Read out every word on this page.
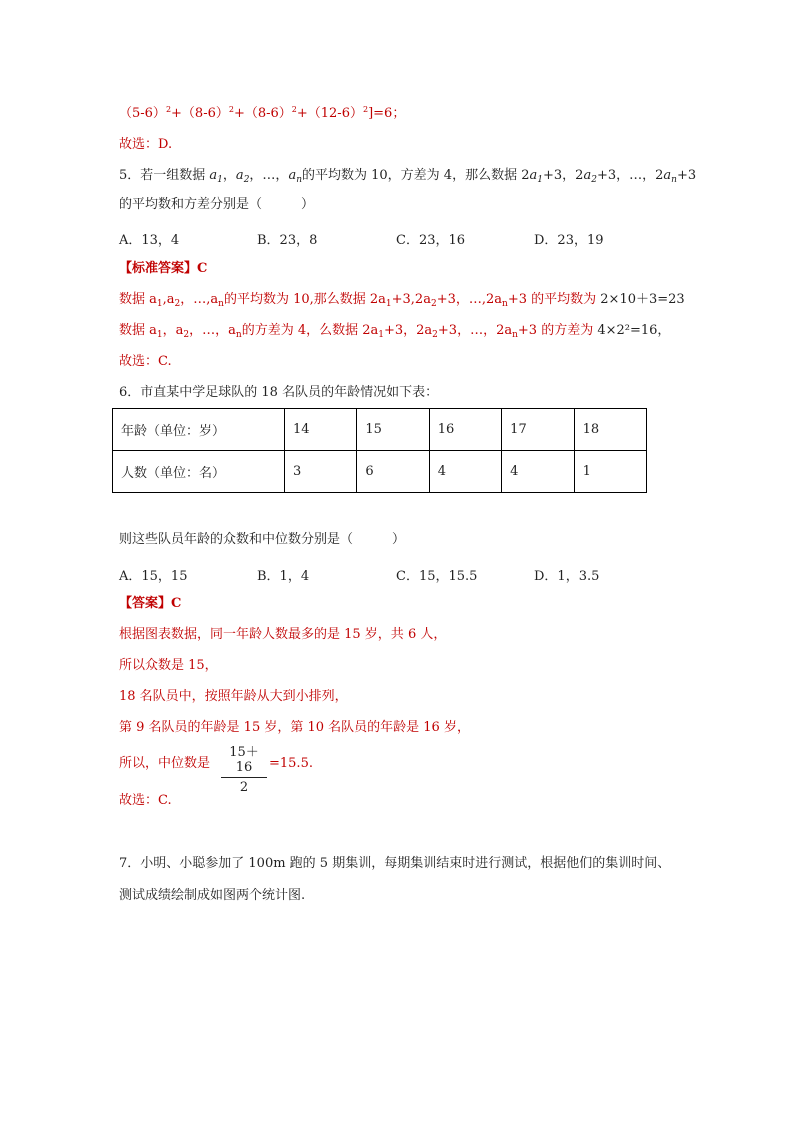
$(5-6)^2+(8-6)^2+(8-6)^2+(12-6)^2]=6$；
故选：D.
5．若一组数据 $a_1$，$a_2$，…，$a_n$的平均数为 10，方差为 4，那么数据 $2a_1+3$，$2a_2+3$，…，$2a_n+3$
的平均数和方差分别是（　　　）
A．13，4	B．23，8	C．23，16	D．23，19
【标准答案】C
数据 $a_1,a_2$，$\dots,a_n$的平均数为 10,那么数据 $2a_1+3,2a_2+3$，$\dots,2a_n+3$ 的平均数为 2×10＋3=23
数据 $a_1$，$a_2$，…，$a_n$的方差为 4，么数据 $2a_1+3$，$2a_2+3$，…，$2a_n+3$ 的方差为 4×2²=16，
故选：C.
6．市直某中学足球队的 18 名队员的年龄情况如下表：
年龄（单位：岁）	14	15	16	17	18
人数（单位：名）	3	6	4	4	1
则这些队员年龄的众数和中位数分别是（　　　）
A．15，15	B．1，4	C．15，15.5	D．1，3.5
【答案】C
根据图表数据，同一年龄人数最多的是 15 岁，共 6 人，
所以众数是 15，
18 名队员中，按照年龄从大到小排列，
第 9 名队员的年龄是 15 岁，第 10 名队员的年龄是 16 岁，
所以，中位数是 $\frac{15+16}{2} =15.5$.
故选：C.
7．小明、小聪参加了 100m 跑的 5 期集训，每期集训结束时进行测试，根据他们的集训时间、
测试成绩绘制成如图两个统计图.
